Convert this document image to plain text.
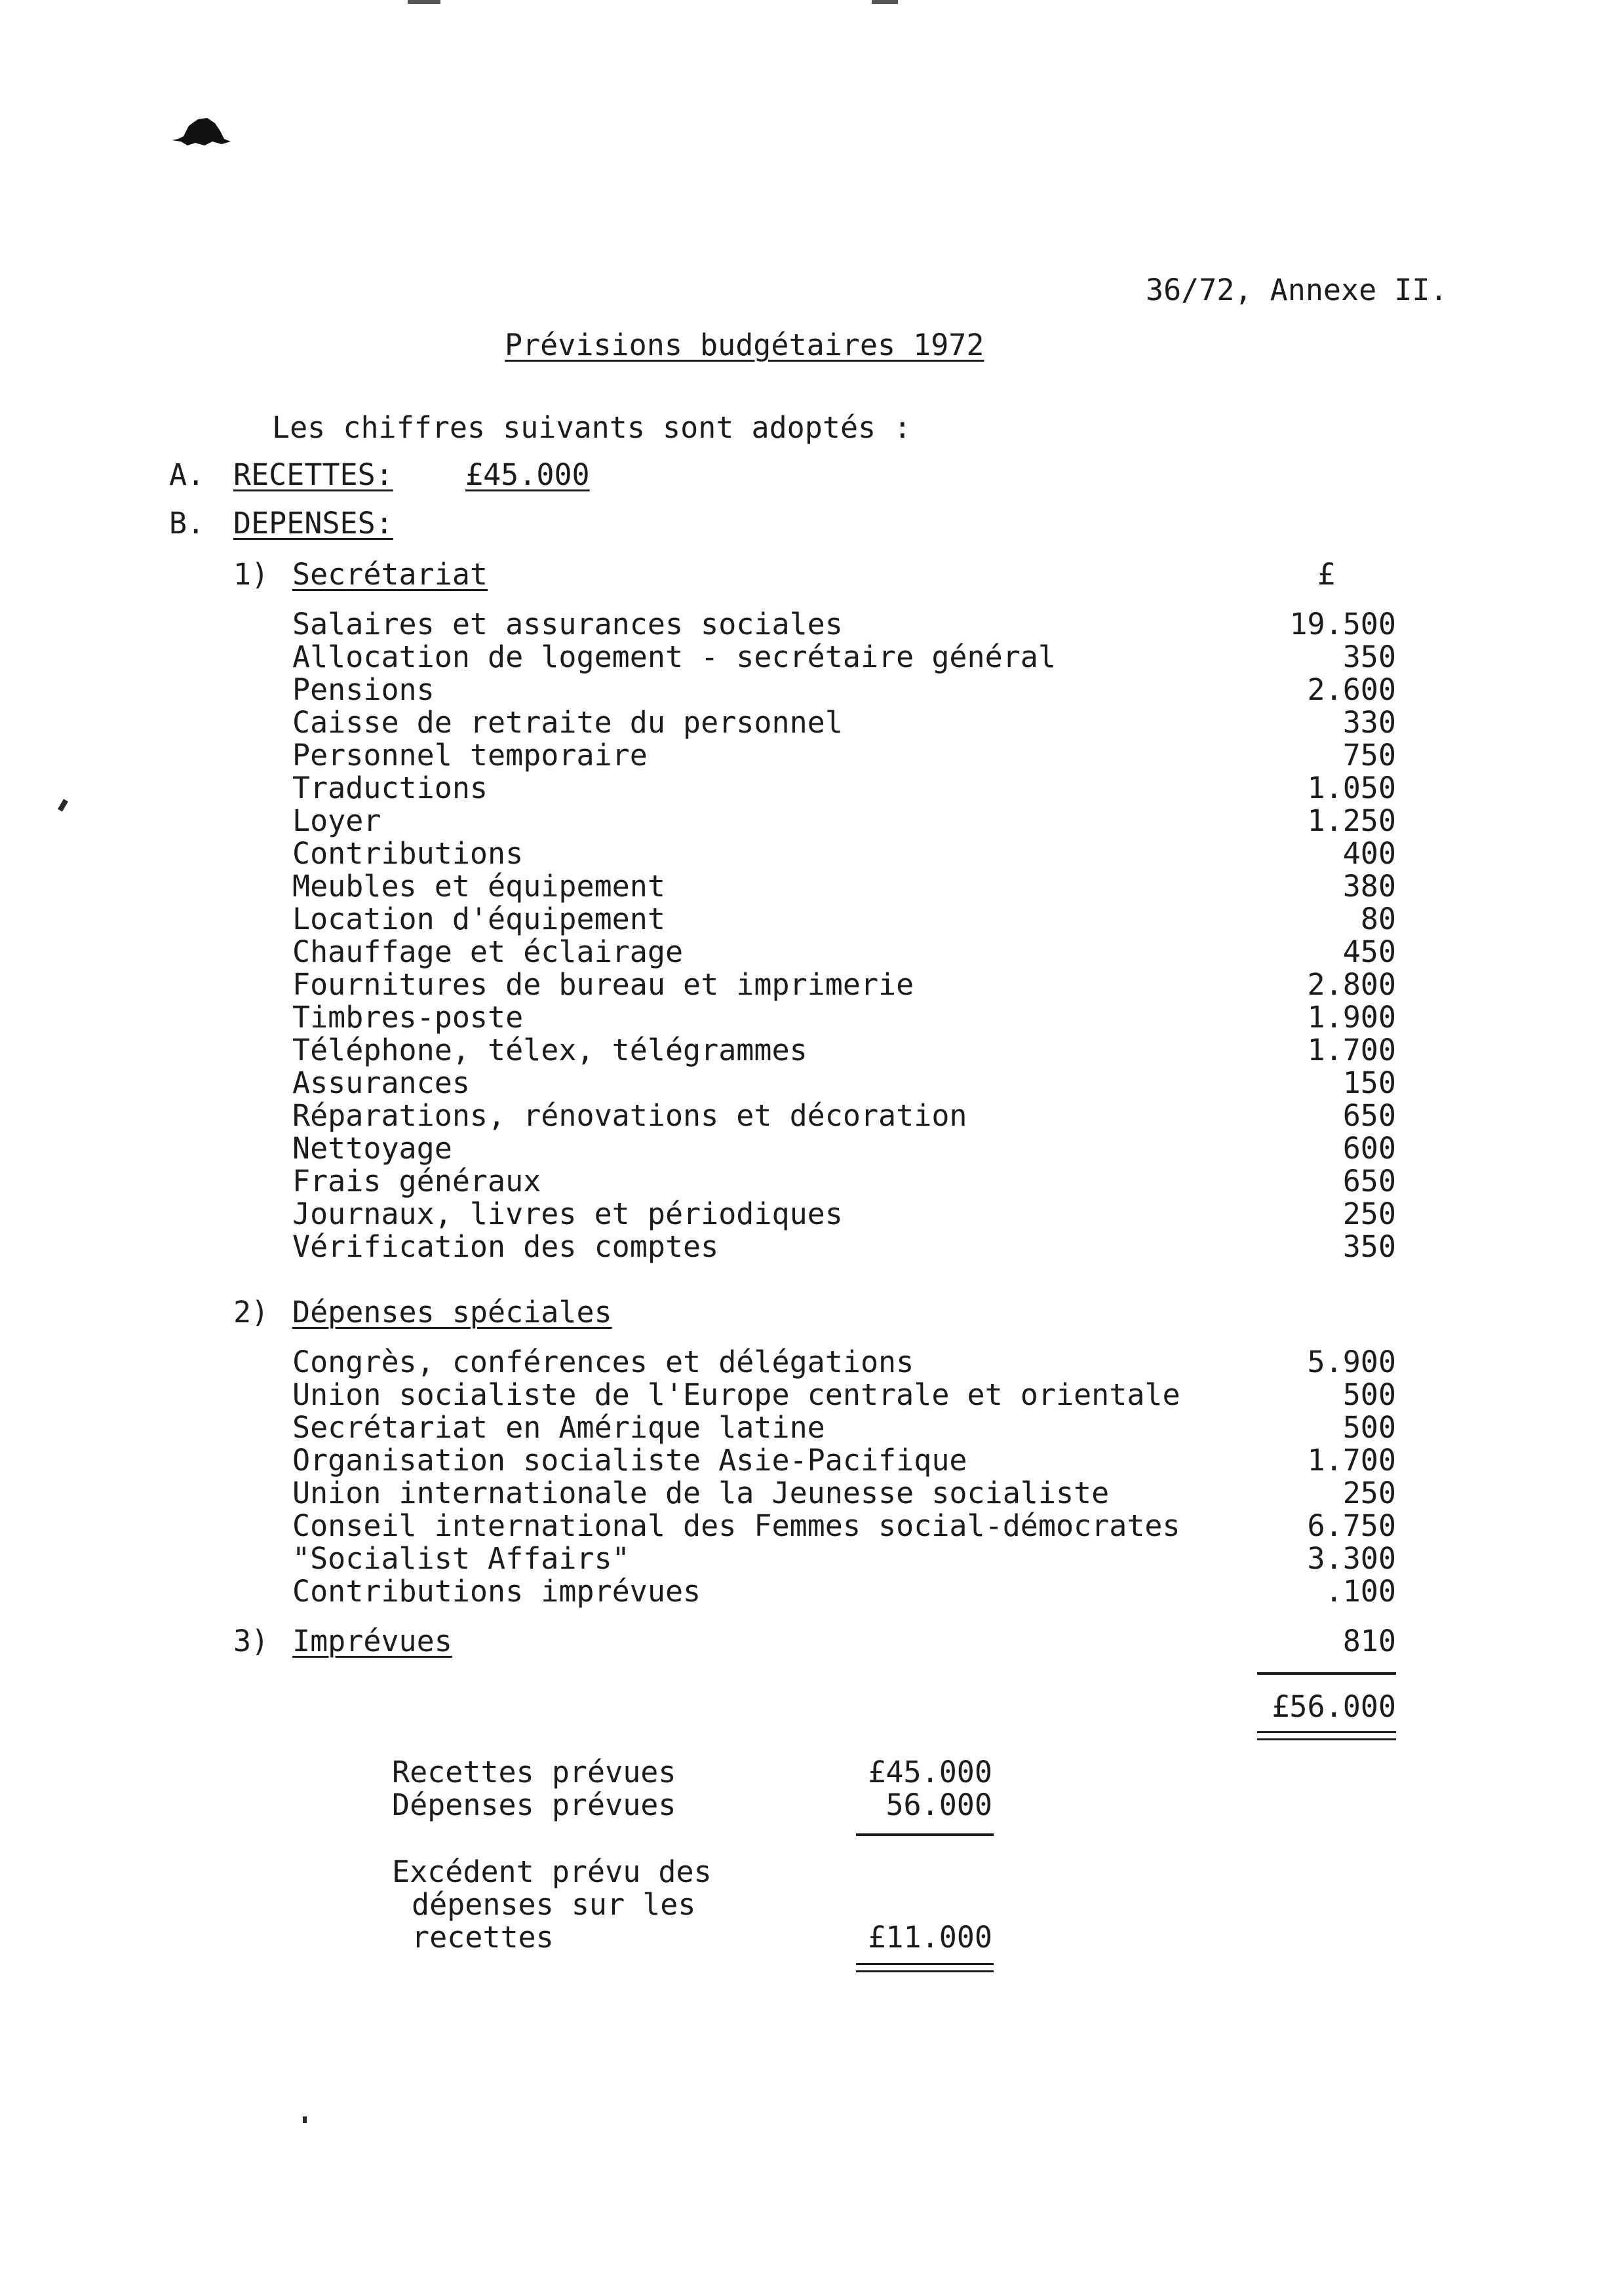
36/72, Annexe II.
Prévisions budgétaires 1972
Les chiffres suivants sont adoptés :
A. RECETTES: £45.000
B. DEPENSES:
1) Secrétariat	£
Salaires et assurances sociales	19.500
Allocation de logement - secrétaire général	350
Pensions	2.600
Caisse de retraite du personnel	330
Personnel temporaire	750
Traductions	1.050
Loyer	1.250
Contributions	400
Meubles et équipement	380
Location d'équipement	80
Chauffage et éclairage	450
Fournitures de bureau et imprimerie	2.800
Timbres-poste	1.900
Téléphone, télex, télégrammes	1.700
Assurances	150
Réparations, rénovations et décoration	650
Nettoyage	600
Frais généraux	650
Journaux, livres et périodiques	250
Vérification des comptes	350
2) Dépenses spéciales
Congrès, conférences et délégations	5.900
Union socialiste de l'Europe centrale et orientale	500
Secrétariat en Amérique latine	500
Organisation socialiste Asie-Pacifique	1.700
Union internationale de la Jeunesse socialiste	250
Conseil international des Femmes social-démocrates	6.750
"Socialist Affairs"	3.300
Contributions imprévues	.100
3) Imprévues	810
£56.000
Recettes prévues	£45.000
Dépenses prévues	56.000
Excédent prévu des
dépenses sur les
recettes	£11.000
